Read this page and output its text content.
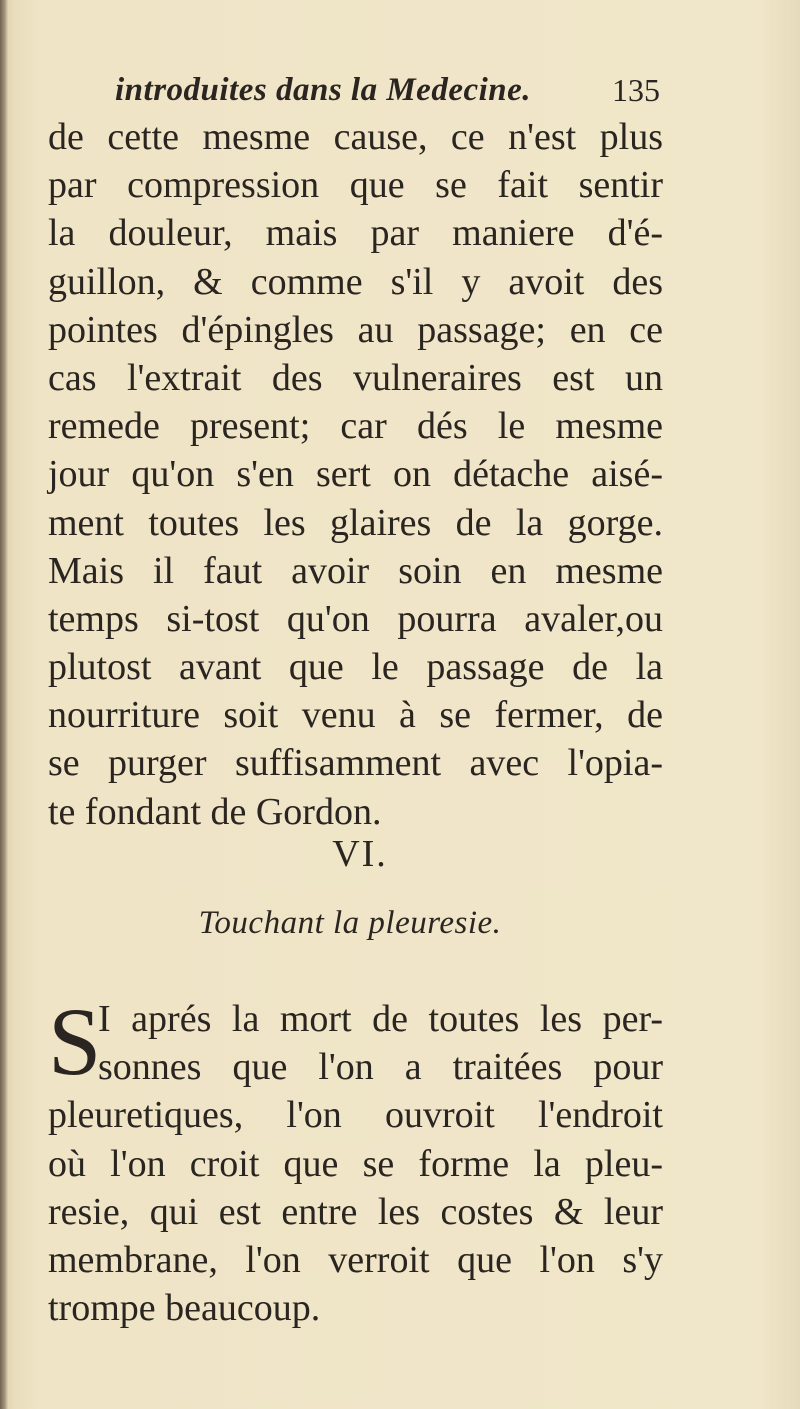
introduites dans la Medecine.	135
de cette mesme cause, ce n'est plus
par compression que se fait sentir
la douleur, mais par maniere d'é-
guillon, & comme s'il y avoit des
pointes d'épingles au passage; en ce
cas l'extrait des vulneraires est un
remede present; car dés le mesme
jour qu'on s'en sert on détache aisé-
ment toutes les glaires de la gorge.
Mais il faut avoir soin en mesme
temps si-tost qu'on pourra avaler,ou
plutost avant que le passage de la
nourriture soit venu à se fermer, de
se purger suffisamment avec l'opia-
te fondant de Gordon.
VI.
Touchant la pleuresie.
S
I aprés la mort de toutes les per-
sonnes que l'on a traitées pour
pleuretiques, l'on ouvroit l'endroit
où l'on croit que se forme la pleu-
resie, qui est entre les costes & leur
membrane, l'on verroit que l'on s'y
trompe beaucoup.
